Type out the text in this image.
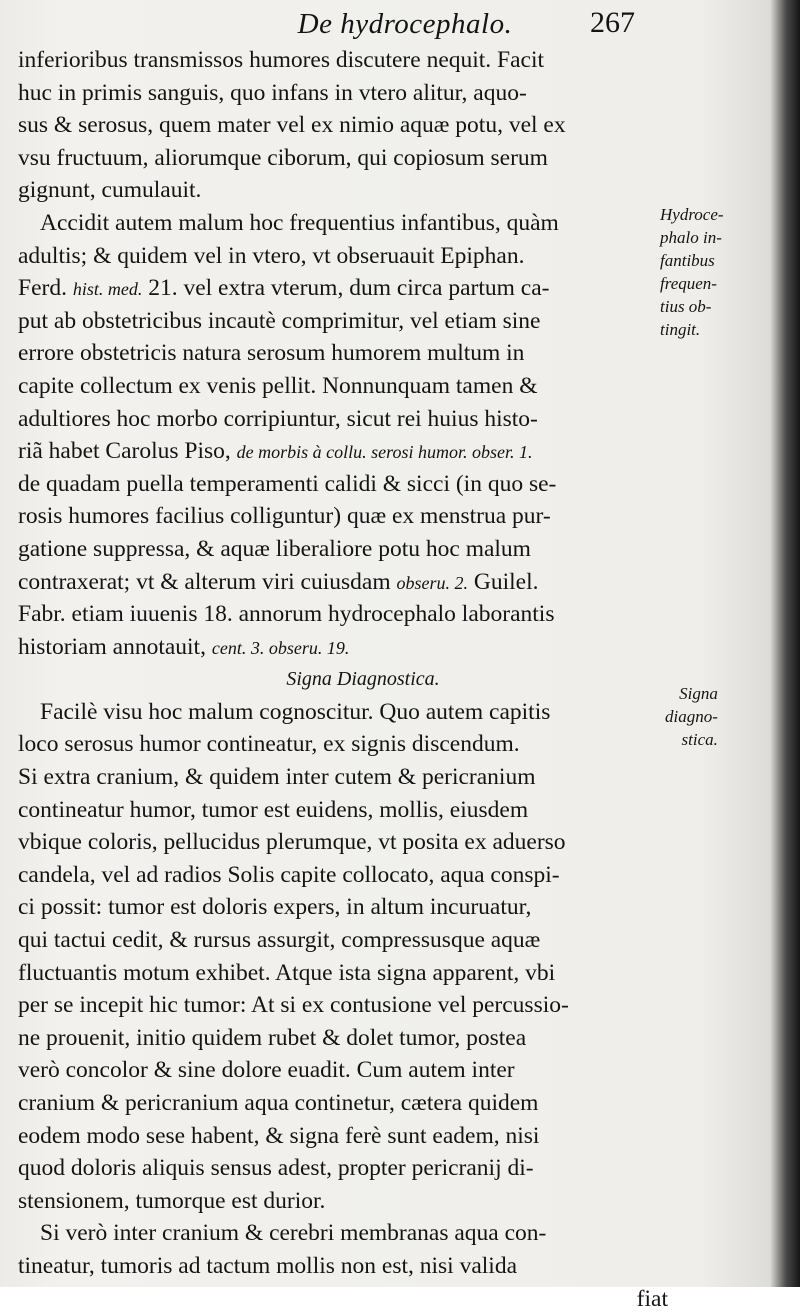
De hydrocephalo.	267
inferioribus transmissos humores discutere nequit. Facit
huc in primis sanguis, quo infans in vtero alitur, aquo-
sus & serosus, quem mater vel ex nimio aquæ potu, vel ex
vsu fructuum, aliorumque ciborum, qui copiosum serum
gignunt, cumulauit.
Accidit autem malum hoc frequentius infantibus, quàm
adultis; & quidem vel in vtero, vt obseruauit Epiphan.
Ferd. hist. med. 21. vel extra vterum, dum circa partum ca-
put ab obstetricibus incautè comprimitur, vel etiam sine
errore obstetricis natura serosum humorem multum in
capite collectum ex venis pellit. Nonnunquam tamen &
adultiores hoc morbo corripiuntur, sicut rei huius histo-
riã habet Carolus Piso, de morbis à collu. serosi humor. obser. 1.
de quadam puella temperamenti calidi & sicci (in quo se-
rosis humores facilius colliguntur) quæ ex menstrua pur-
gatione suppressa, & aquæ liberaliore potu hoc malum
contraxerat; vt & alterum viri cuiusdam obseru. 2. Guilel.
Fabr. etiam iuuenis 18. annorum hydrocephalo laborantis
historiam annotauit, cent. 3. obseru. 19.
Signa Diagnostica.
Facilè visu hoc malum cognoscitur. Quo autem capitis
loco serosus humor contineatur, ex signis discendum.
Si extra cranium, & quidem inter cutem & pericranium
contineatur humor, tumor est euidens, mollis, eiusdem
vbique coloris, pellucidus plerumque, vt posita ex aduerso
candela, vel ad radios Solis capite collocato, aqua conspi-
ci possit: tumor est doloris expers, in altum incuruatur,
qui tactui cedit, & rursus assurgit, compressusque aquæ
fluctuantis motum exhibet. Atque ista signa apparent, vbi
per se incepit hic tumor: At si ex contusione vel percussio-
ne prouenit, initio quidem rubet & dolet tumor, postea
verò concolor & sine dolore euadit. Cum autem inter
cranium & pericranium aqua continetur, cætera quidem
eodem modo sese habent, & signa ferè sunt eadem, nisi
quod doloris aliquis sensus adest, propter pericranij di-
stensionem, tumorque est durior.
Si verò inter cranium & cerebri membranas aqua con-
tineatur, tumoris ad tactum mollis non est, nisi valida
fiat
Hydroce-
phalo in-
fantibus
frequen-
tius ob-
tingit.
Signa
diagno-
stica.
